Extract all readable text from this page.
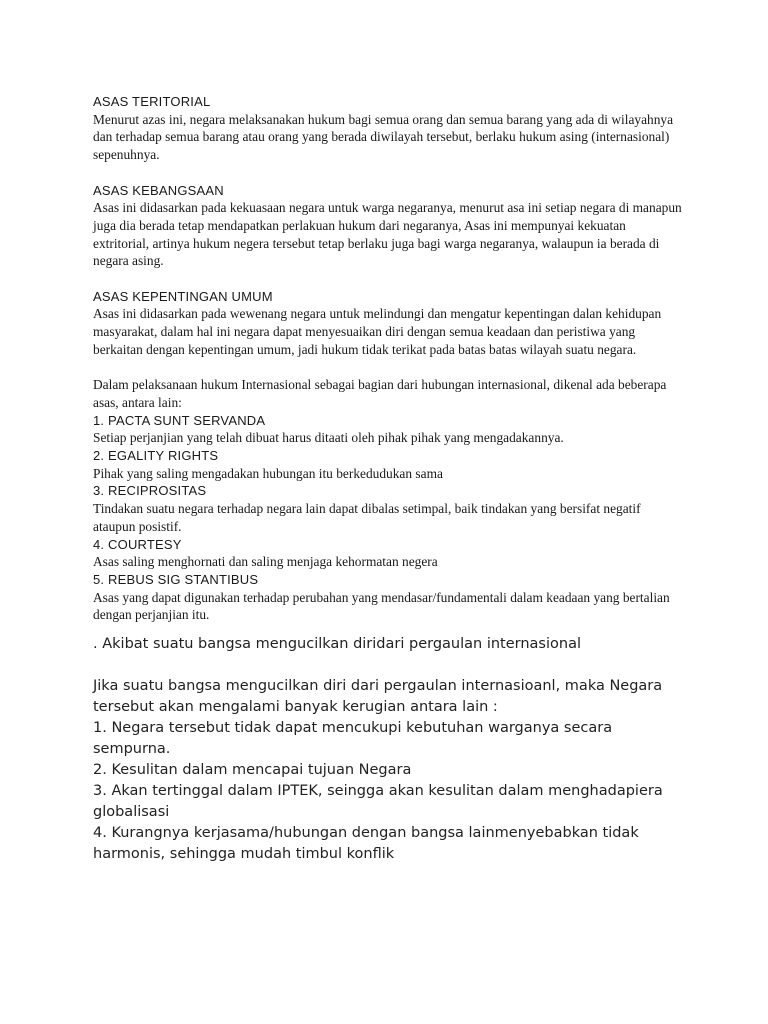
ASAS TERITORIAL
Menurut azas ini, negara melaksanakan hukum bagi semua orang dan semua barang yang ada di wilayahnya dan terhadap semua barang atau orang yang berada diwilayah tersebut, berlaku hukum asing (internasional) sepenuhnya.
ASAS KEBANGSAAN
Asas ini didasarkan pada kekuasaan negara untuk warga negaranya, menurut asa ini setiap negara di manapun juga dia berada tetap mendapatkan perlakuan hukum dari negaranya, Asas ini mempunyai kekuatan extritorial, artinya hukum negera tersebut tetap berlaku juga bagi warga negaranya, walaupun ia berada di negara asing.
ASAS KEPENTINGAN UMUM
Asas ini didasarkan pada wewenang negara untuk melindungi dan mengatur kepentingan dalan kehidupan masyarakat, dalam hal ini negara dapat menyesuaikan diri dengan semua keadaan dan peristiwa yang berkaitan dengan kepentingan umum, jadi hukum tidak terikat pada batas batas wilayah suatu negara.
Dalam pelaksanaan hukum Internasional sebagai bagian dari hubungan internasional, dikenal ada beberapa asas, antara lain:
1. PACTA SUNT SERVANDA
Setiap perjanjian yang telah dibuat harus ditaati oleh pihak pihak yang mengadakannya.
2. EGALITY RIGHTS
Pihak yang saling mengadakan hubungan itu berkedudukan sama
3. RECIPROSITAS
Tindakan suatu negara terhadap negara lain dapat dibalas setimpal, baik tindakan yang bersifat negatif ataupun posistif.
4. COURTESY
Asas saling menghornati dan saling menjaga kehormatan negera
5. REBUS SIG STANTIBUS
Asas yang dapat digunakan terhadap perubahan yang mendasar/fundamentali dalam keadaan yang bertalian dengan perjanjian itu.
. Akibat suatu bangsa mengucilkan diridari pergaulan internasional
Jika suatu bangsa mengucilkan diri dari pergaulan internasioanl, maka Negara tersebut akan mengalami banyak kerugian antara lain :
1. Negara tersebut tidak dapat mencukupi kebutuhan warganya secara sempurna.
2. Kesulitan dalam mencapai tujuan Negara
3. Akan tertinggal dalam IPTEK, seingga akan kesulitan dalam menghadapiera globalisasi
4. Kurangnya kerjasama/hubungan dengan bangsa lainmenyebabkan tidak harmonis, sehingga mudah timbul konflik
